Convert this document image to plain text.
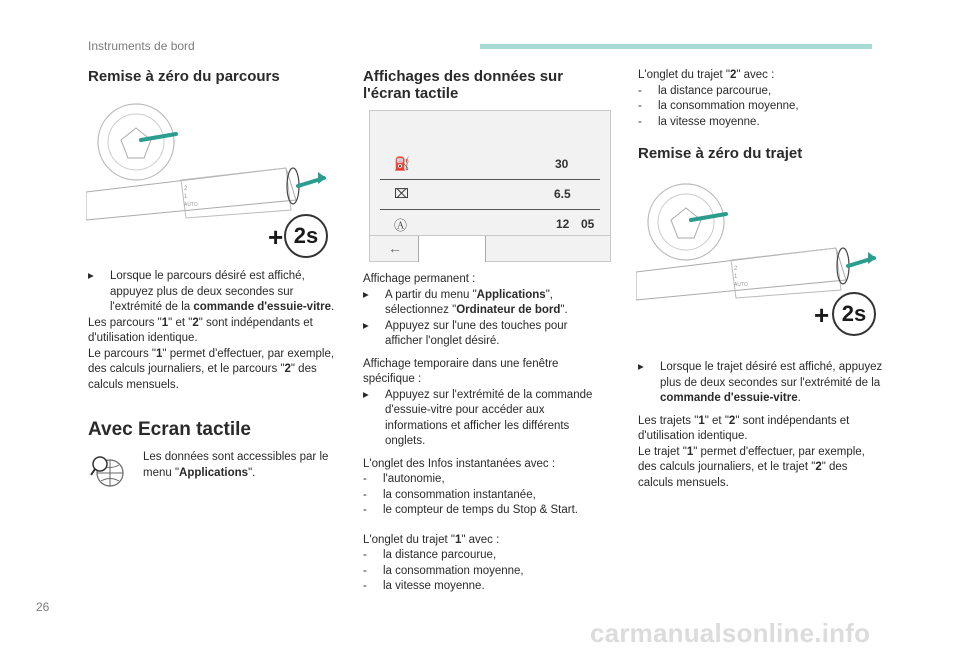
Instruments de bord
Remise à zéro du parcours
2
1
AUTO
+ 2s
▸	Lorsque le parcours désiré est affiché, appuyez plus de deux secondes sur l'extrémité de la commande d'essuie-vitre.

Les parcours "1" et "2" sont indépendants et d'utilisation identique.

Le parcours "1" permet d'effectuer, par exemple, des calculs journaliers, et le parcours "2" des calculs mensuels.

Avec Ecran tactile

Les données sont accessibles par le menu "Applications".

Affichages des données sur l'écran tactile
⛽	30
⌧	6.5
Ⓐ	12 05
←

Affichage permanent :

▸	A partir du menu "Applications", sélectionnez "Ordinateur de bord".
▸	Appuyez sur l'une des touches pour afficher l'onglet désiré.

Affichage temporaire dans une fenêtre spécifique :

▸	Appuyez sur l'extrémité de la commande d'essuie-vitre pour accéder aux informations et afficher les différents onglets.

L'onglet des Infos instantanées avec :

-	l'autonomie,
-	la consommation instantanée,
-	le compteur de temps du Stop & Start.

L'onglet du trajet "1" avec :

-	la distance parcourue,
-	la consommation moyenne,
-	la vitesse moyenne.

L'onglet du trajet "2" avec :

-	la distance parcourue,
-	la consommation moyenne,
-	la vitesse moyenne.
Remise à zéro du trajet
2
1
AUTO
+ 2s
▸	Lorsque le trajet désiré est affiché, appuyez plus de deux secondes sur l'extrémité de la commande d'essuie-vitre.

Les trajets "1" et "2" sont indépendants et d'utilisation identique.

Le trajet "1" permet d'effectuer, par exemple, des calculs journaliers, et le trajet "2" des calculs mensuels.

26
carmanualsonline.info
